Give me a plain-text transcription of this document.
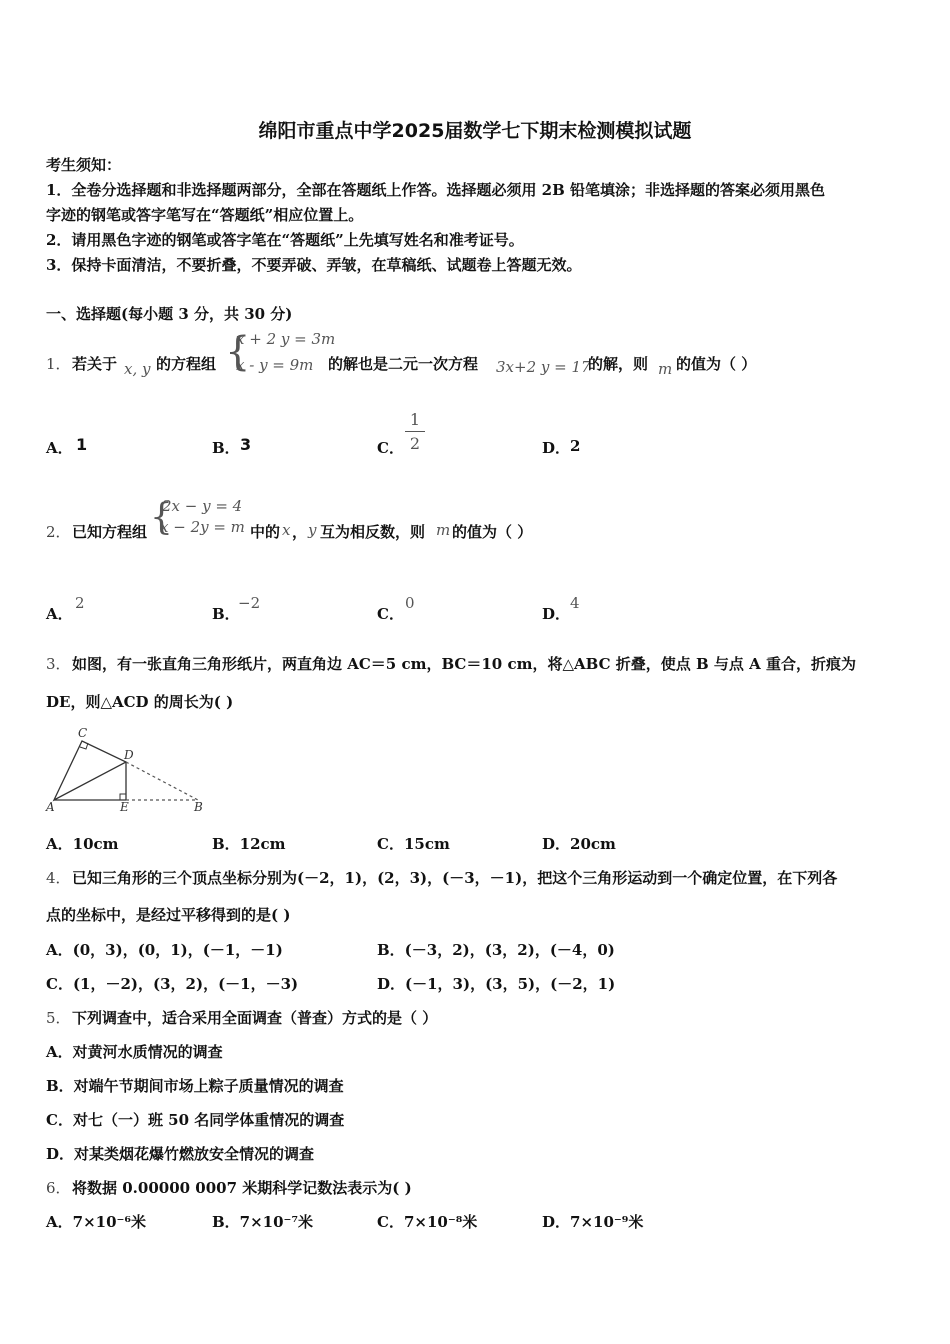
绵阳市重点中学2025届数学七下期末检测模拟试题
考生须知：
1．全卷分选择题和非选择题两部分，全部在答题纸上作答。选择题必须用 2B 铅笔填涂；非选择题的答案必须用黑色
字迹的钢笔或答字笔写在“答题纸”相应位置上。
2．请用黑色字迹的钢笔或答字笔在“答题纸”上先填写姓名和准考证号。
3．保持卡面清洁，不要折叠，不要弄破、弄皱，在草稿纸、试题卷上答题无效。
一、选择题(每小题 3 分，共 30 分)
1． 若关于 x, y 的方程组 {
x + 2 y = 3m
x - y = 9m 的解也是二元一次方程 3x+2 y = 17
的解，则 m 的值为（ ）
A． 1	B． 3	C．
1
2	D． 2
2． 已知方程组 {
2x − y = 4
x − 2y = m 中的 x ， y 互为相反数，则 m 的值为（ ）
A．
2
B．
−2
C．
0
D．
4
3． 如图，有一张直角三角形纸片，两直角边 AC＝5 cm，BC＝10 cm，将△ABC 折叠，使点 B 与点 A 重合，折痕为
DE，则△ACD 的周长为( )
C
D
A	E	B
A．10cm	B．12cm	C．15cm	D．20cm
4． 已知三角形的三个顶点坐标分别为(－2，1)，(2，3)，(－3，－1)，把这个三角形运动到一个确定位置，在下列各
点的坐标中，是经过平移得到的是( )
A．(0，3)，(0，1)，(－1，－1)	B．(－3，2)，(3，2)，(－4，0)
C．(1，－2)，(3，2)，(－1，－3)	D．(－1，3)，(3，5)，(－2，1)
5． 下列调查中，适合采用全面调查（普查）方式的是（ ）
A．对黄河水质情况的调查
B．对端午节期间市场上粽子质量情况的调查
C．对七（一）班 50 名同学体重情况的调查
D．对某类烟花爆竹燃放安全情况的调查
6． 将数据 0.00000 0007 米期科学记数法表示为( )
A．7×10⁻⁶米	B．7×10⁻⁷米	C．7×10⁻⁸米	D．7×10⁻⁹米
